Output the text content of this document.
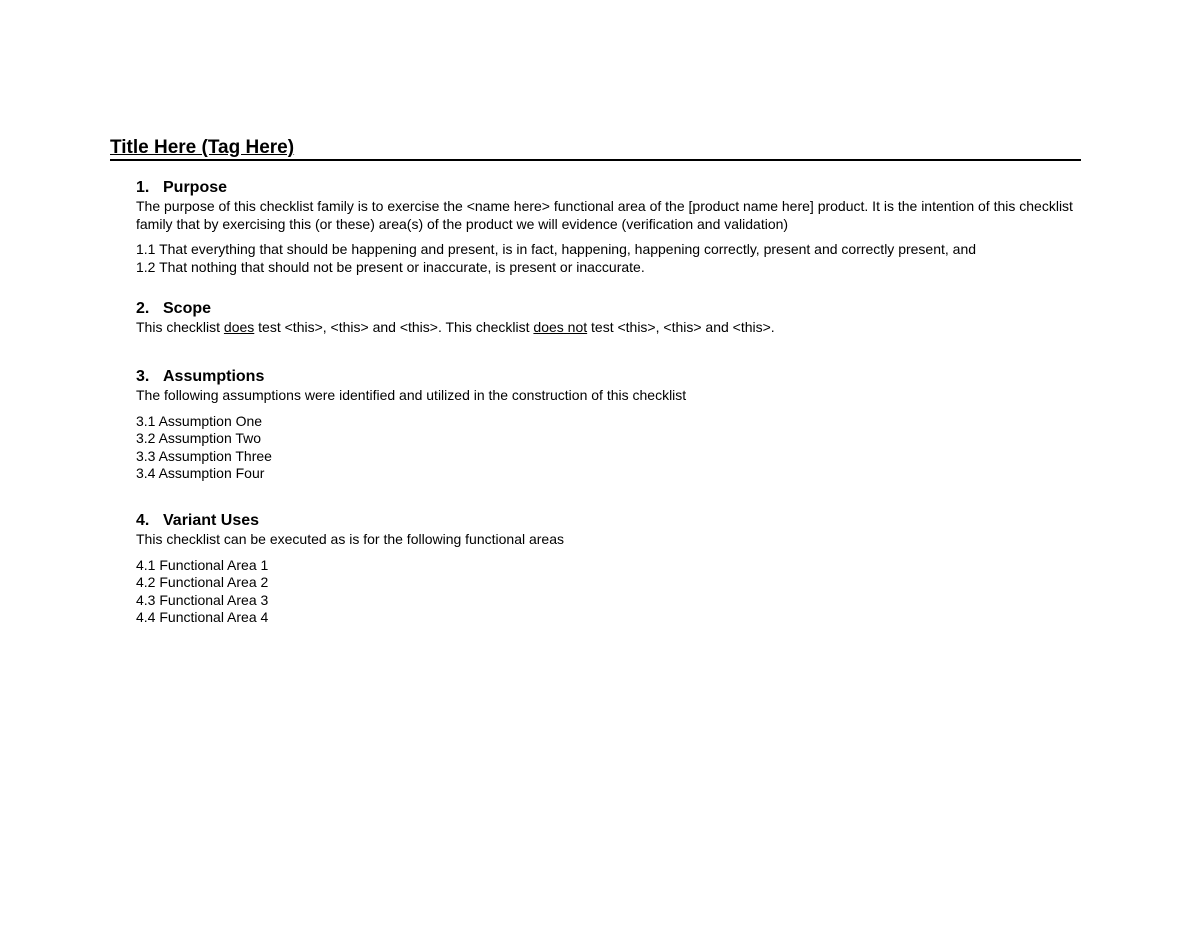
Title Here (Tag Here)
1. Purpose

The purpose of this checklist family is to exercise the <name here> functional area of the [product name here] product. It is the intention of this checklist family that by exercising this (or these) area(s) of the product we will evidence (verification and validation)

1.1 That everything that should be happening and present, is in fact, happening, happening correctly, present and correctly present, and
1.2 That nothing that should not be present or inaccurate, is present or inaccurate.
2. Scope

This checklist does test <this>, <this> and <this>. This checklist does not test <this>, <this> and <this>.

3. Assumptions

The following assumptions were identified and utilized in the construction of this checklist

3.1 Assumption One
3.2 Assumption Two
3.3 Assumption Three
3.4 Assumption Four
4. Variant Uses

This checklist can be executed as is for the following functional areas

4.1 Functional Area 1
4.2 Functional Area 2
4.3 Functional Area 3
4.4 Functional Area 4
